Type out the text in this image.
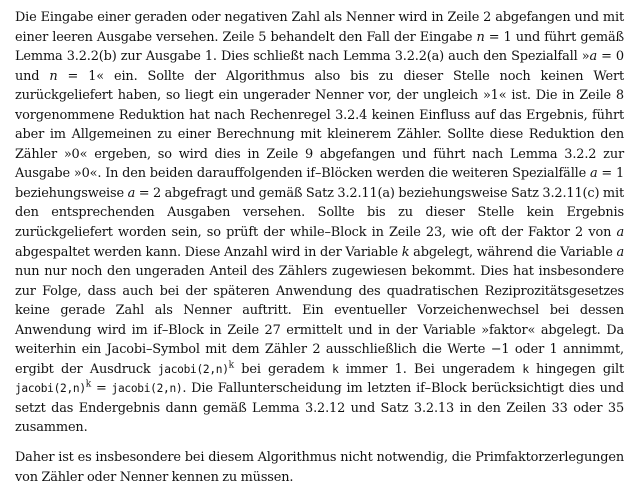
Die Eingabe einer geraden oder negativen Zahl als Nenner wird in Zeile 2 abgefangen und mit einer leeren Ausgabe versehen. Zeile 5 behandelt den Fall der Eingabe n = 1 und führt gemäß Lemma 3.2.2(b) zur Ausgabe 1. Dies schließt nach Lemma 3.2.2(a) auch den Spezialfall »a = 0 und n = 1« ein. Sollte der Algorithmus also bis zu dieser Stelle noch keinen Wert zurückgeliefert haben, so liegt ein ungerader Nenner vor, der ungleich »1« ist. Die in Zeile 8 vorgenommene Reduktion hat nach Rechenregel 3.2.4 keinen Einfluss auf das Ergebnis, führt aber im Allgemeinen zu einer Berechnung mit kleinerem Zähler. Sollte diese Reduktion den Zähler »0« ergeben, so wird dies in Zeile 9 abgefangen und führt nach Lemma 3.2.2 zur Ausgabe »0«. In den beiden darauffolgenden if–Blöcken werden die weiteren Spezialfälle a = 1 beziehungsweise a = 2 abgefragt und gemäß Satz 3.2.11(a) beziehungsweise Satz 3.2.11(c) mit den entsprechenden Ausgaben versehen. Sollte bis zu dieser Stelle kein Ergebnis zurückgeliefert worden sein, so prüft der while–Block in Zeile 23, wie oft der Faktor 2 von a abgespaltet werden kann. Diese Anzahl wird in der Variable k abgelegt, während die Variable a nun nur noch den ungeraden Anteil des Zählers zugewiesen bekommt. Dies hat insbesondere zur Folge, dass auch bei der späteren Anwendung des quadratischen Reziprozitätsgesetzes keine gerade Zahl als Nenner auftritt. Ein eventueller Vorzeichenwechsel bei dessen Anwendung wird im if–Block in Zeile 27 ermittelt und in der Variable »faktor« abgelegt. Da weiterhin ein Jacobi–Symbol mit dem Zähler 2 ausschließlich die Werte −1 oder 1 annimmt, ergibt der Ausdruck $jacobi(2,n)^k$ bei geradem k immer 1. Bei ungeradem k hingegen gilt $jacobi(2,n)^k$ = jacobi(2,n). Die Fallunterscheidung im letzten if–Block berücksichtigt dies und setzt das Endergebnis dann gemäß Lemma 3.2.12 und Satz 3.2.13 in den Zeilen 33 oder 35 zusammen.

Daher ist es insbesondere bei diesem Algorithmus nicht notwendig, die Primfaktorzerlegungen von Zähler oder Nenner kennen zu müssen.
